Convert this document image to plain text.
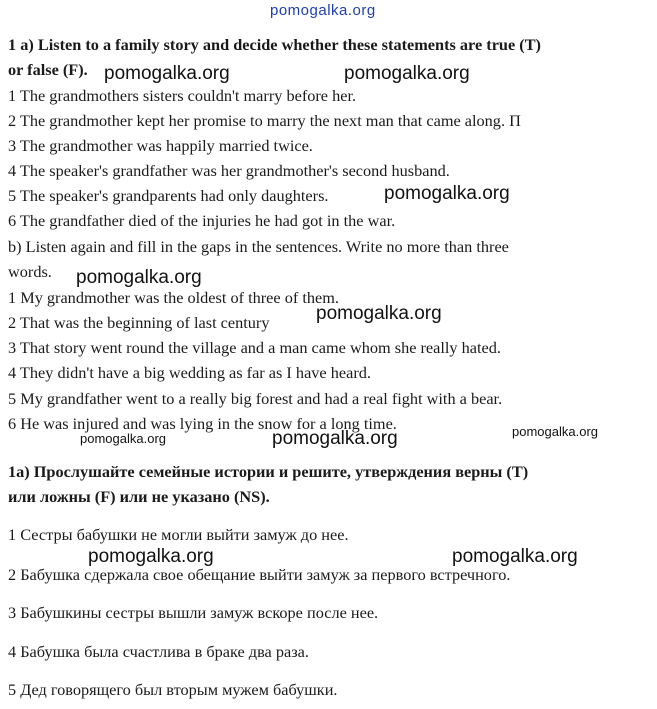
pomogalka.org
1 a) Listen to a family story and decide whether these statements are true (T)
or false (F).
1 The grandmothers sisters couldn't marry before her.
2 The grandmother kept her promise to marry the next man that came along. П
3 The grandmother was happily married twice.
4 The speaker's grandfather was her grandmother's second husband.
5 The speaker's grandparents had only daughters.
6 The grandfather died of the injuries he had got in the war.
b) Listen again and fill in the gaps in the sentences. Write no more than three
words.
1 My grandmother was the oldest of three of them.
2 That was the beginning of last century
3 That story went round the village and a man came whom she really hated.
4 They didn't have a big wedding as far as I have heard.
5 My grandfather went to a really big forest and had a real fight with a bear.
6 He was injured and was lying in the snow for a long time.
1a) Прослушайте семейные истории и решите, утверждения верны (T)
или ложны (F) или не указано (NS).
1 Сестры бабушки не могли выйти замуж до нее.
2 Бабушка сдержала свое обещание выйти замуж за первого встречного.
3 Бабушкины сестры вышли замуж вскоре после нее.
4 Бабушка была счастлива в браке два раза.
5 Дед говорящего был вторым мужем бабушки.
pomogalka.org	pomogalka.org
pomogalka.org
pomogalka.org
pomogalka.org
pomogalka.org	pomogalka.org	pomogalka.org
pomogalka.org	pomogalka.org
